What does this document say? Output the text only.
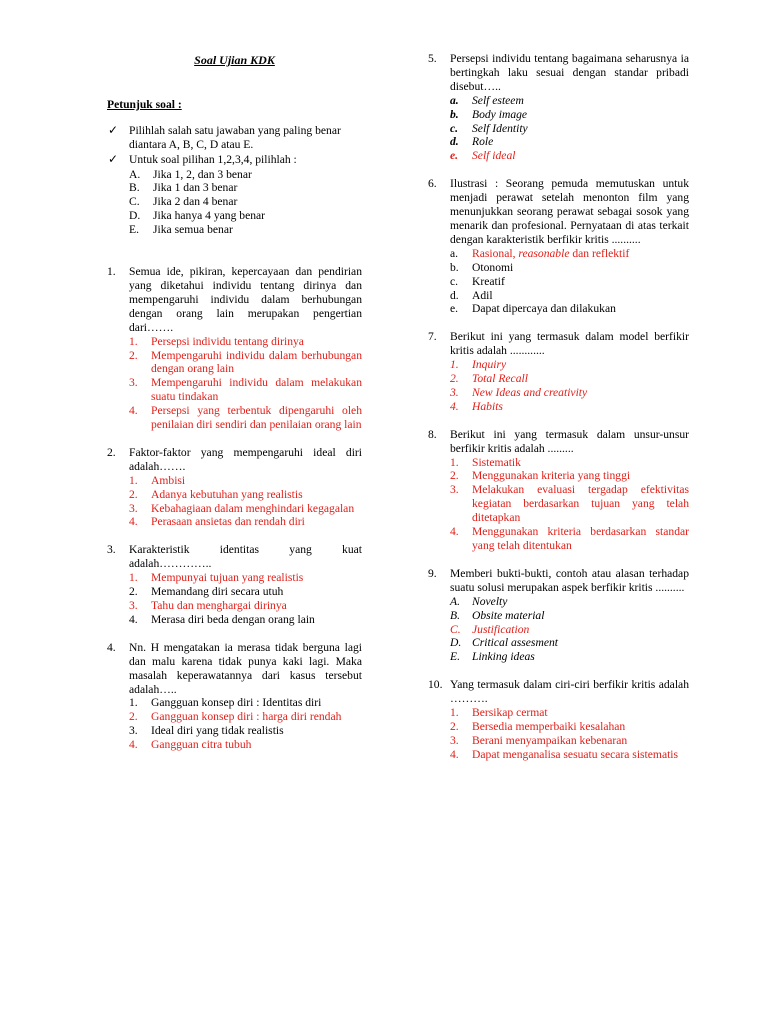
Soal Ujian KDK
Petunjuk soal :
✓ Pilihlah salah satu jawaban yang paling benar diantara A, B, C, D atau E.

✓ Untuk soal pilihan 1,2,3,4, pilihlah :

A. Jika 1, 2, dan 3 benar
B. Jika 1 dan 3 benar
C. Jika 2 dan 4 benar
D. Jika hanya 4 yang benar
E. Jika semua benar
1. Semua ide, pikiran, kepercayaan dan pendirian yang diketahui individu tentang dirinya dan mempengaruhi individu dalam berhubungan dengan orang lain merupakan pengertian dari…….

1. Persepsi individu tentang dirinya
2. Mempengaruhi individu dalam berhubungan dengan orang lain
3. Mempengaruhi individu dalam melakukan suatu tindakan
4. Persepsi yang terbentuk dipengaruhi oleh penilaian diri sendiri dan penilaian orang lain
2. Faktor-faktor yang mempengaruhi ideal diri adalah…….

1. Ambisi
2. Adanya kebutuhan yang realistis
3. Kebahagiaan dalam menghindari kegagalan
4. Perasaan ansietas dan rendah diri
3. Karakteristik identitas yang kuat adalah…………..

1. Mempunyai tujuan yang realistis
2. Memandang diri secara utuh
3. Tahu dan menghargai dirinya
4. Merasa diri beda dengan orang lain
4. Nn. H mengatakan ia merasa tidak berguna lagi dan malu karena tidak punya kaki lagi. Maka masalah keperawatannya dari kasus tersebut adalah…..

1. Gangguan konsep diri : Identitas diri
2. Gangguan konsep diri : harga diri rendah
3. Ideal diri yang tidak realistis
4. Gangguan citra tubuh
5. Persepsi individu tentang bagaimana seharusnya ia bertingkah laku sesuai dengan standar pribadi disebut…..

a. Self esteem
b. Body image
c. Self Identity
d. Role
e. Self ideal
6. Ilustrasi : Seorang pemuda memutuskan untuk menjadi perawat setelah menonton film yang menunjukkan seorang perawat sebagai sosok yang menarik dan profesional. Pernyataan di atas terkait dengan karakteristik berfikir kritis ..........

a. Rasional, reasonable dan reflektif
b. Otonomi
c. Kreatif
d. Adil
e. Dapat dipercaya dan dilakukan
7. Berikut ini yang termasuk dalam model berfikir kritis adalah ............

1. Inquiry
2. Total Recall
3. New Ideas and creativity
4. Habits
8. Berikut ini yang termasuk dalam unsur-unsur berfikir kritis adalah .........

1. Sistematik
2. Menggunakan kriteria yang tinggi
3. Melakukan evaluasi tergadap efektivitas kegiatan berdasarkan tujuan yang telah ditetapkan
4. Menggunakan kriteria berdasarkan standar yang telah ditentukan
9. Memberi bukti-bukti, contoh atau alasan terhadap suatu solusi merupakan aspek berfikir kritis ..........

A. Novelty
B. Obsite material
C. Justification
D. Critical assesment
E. Linking ideas
10. Yang termasuk dalam ciri-ciri berfikir kritis adalah ……….

1. Bersikap cermat
2. Bersedia memperbaiki kesalahan
3. Berani menyampaikan kebenaran
4. Dapat menganalisa sesuatu secara sistematis
